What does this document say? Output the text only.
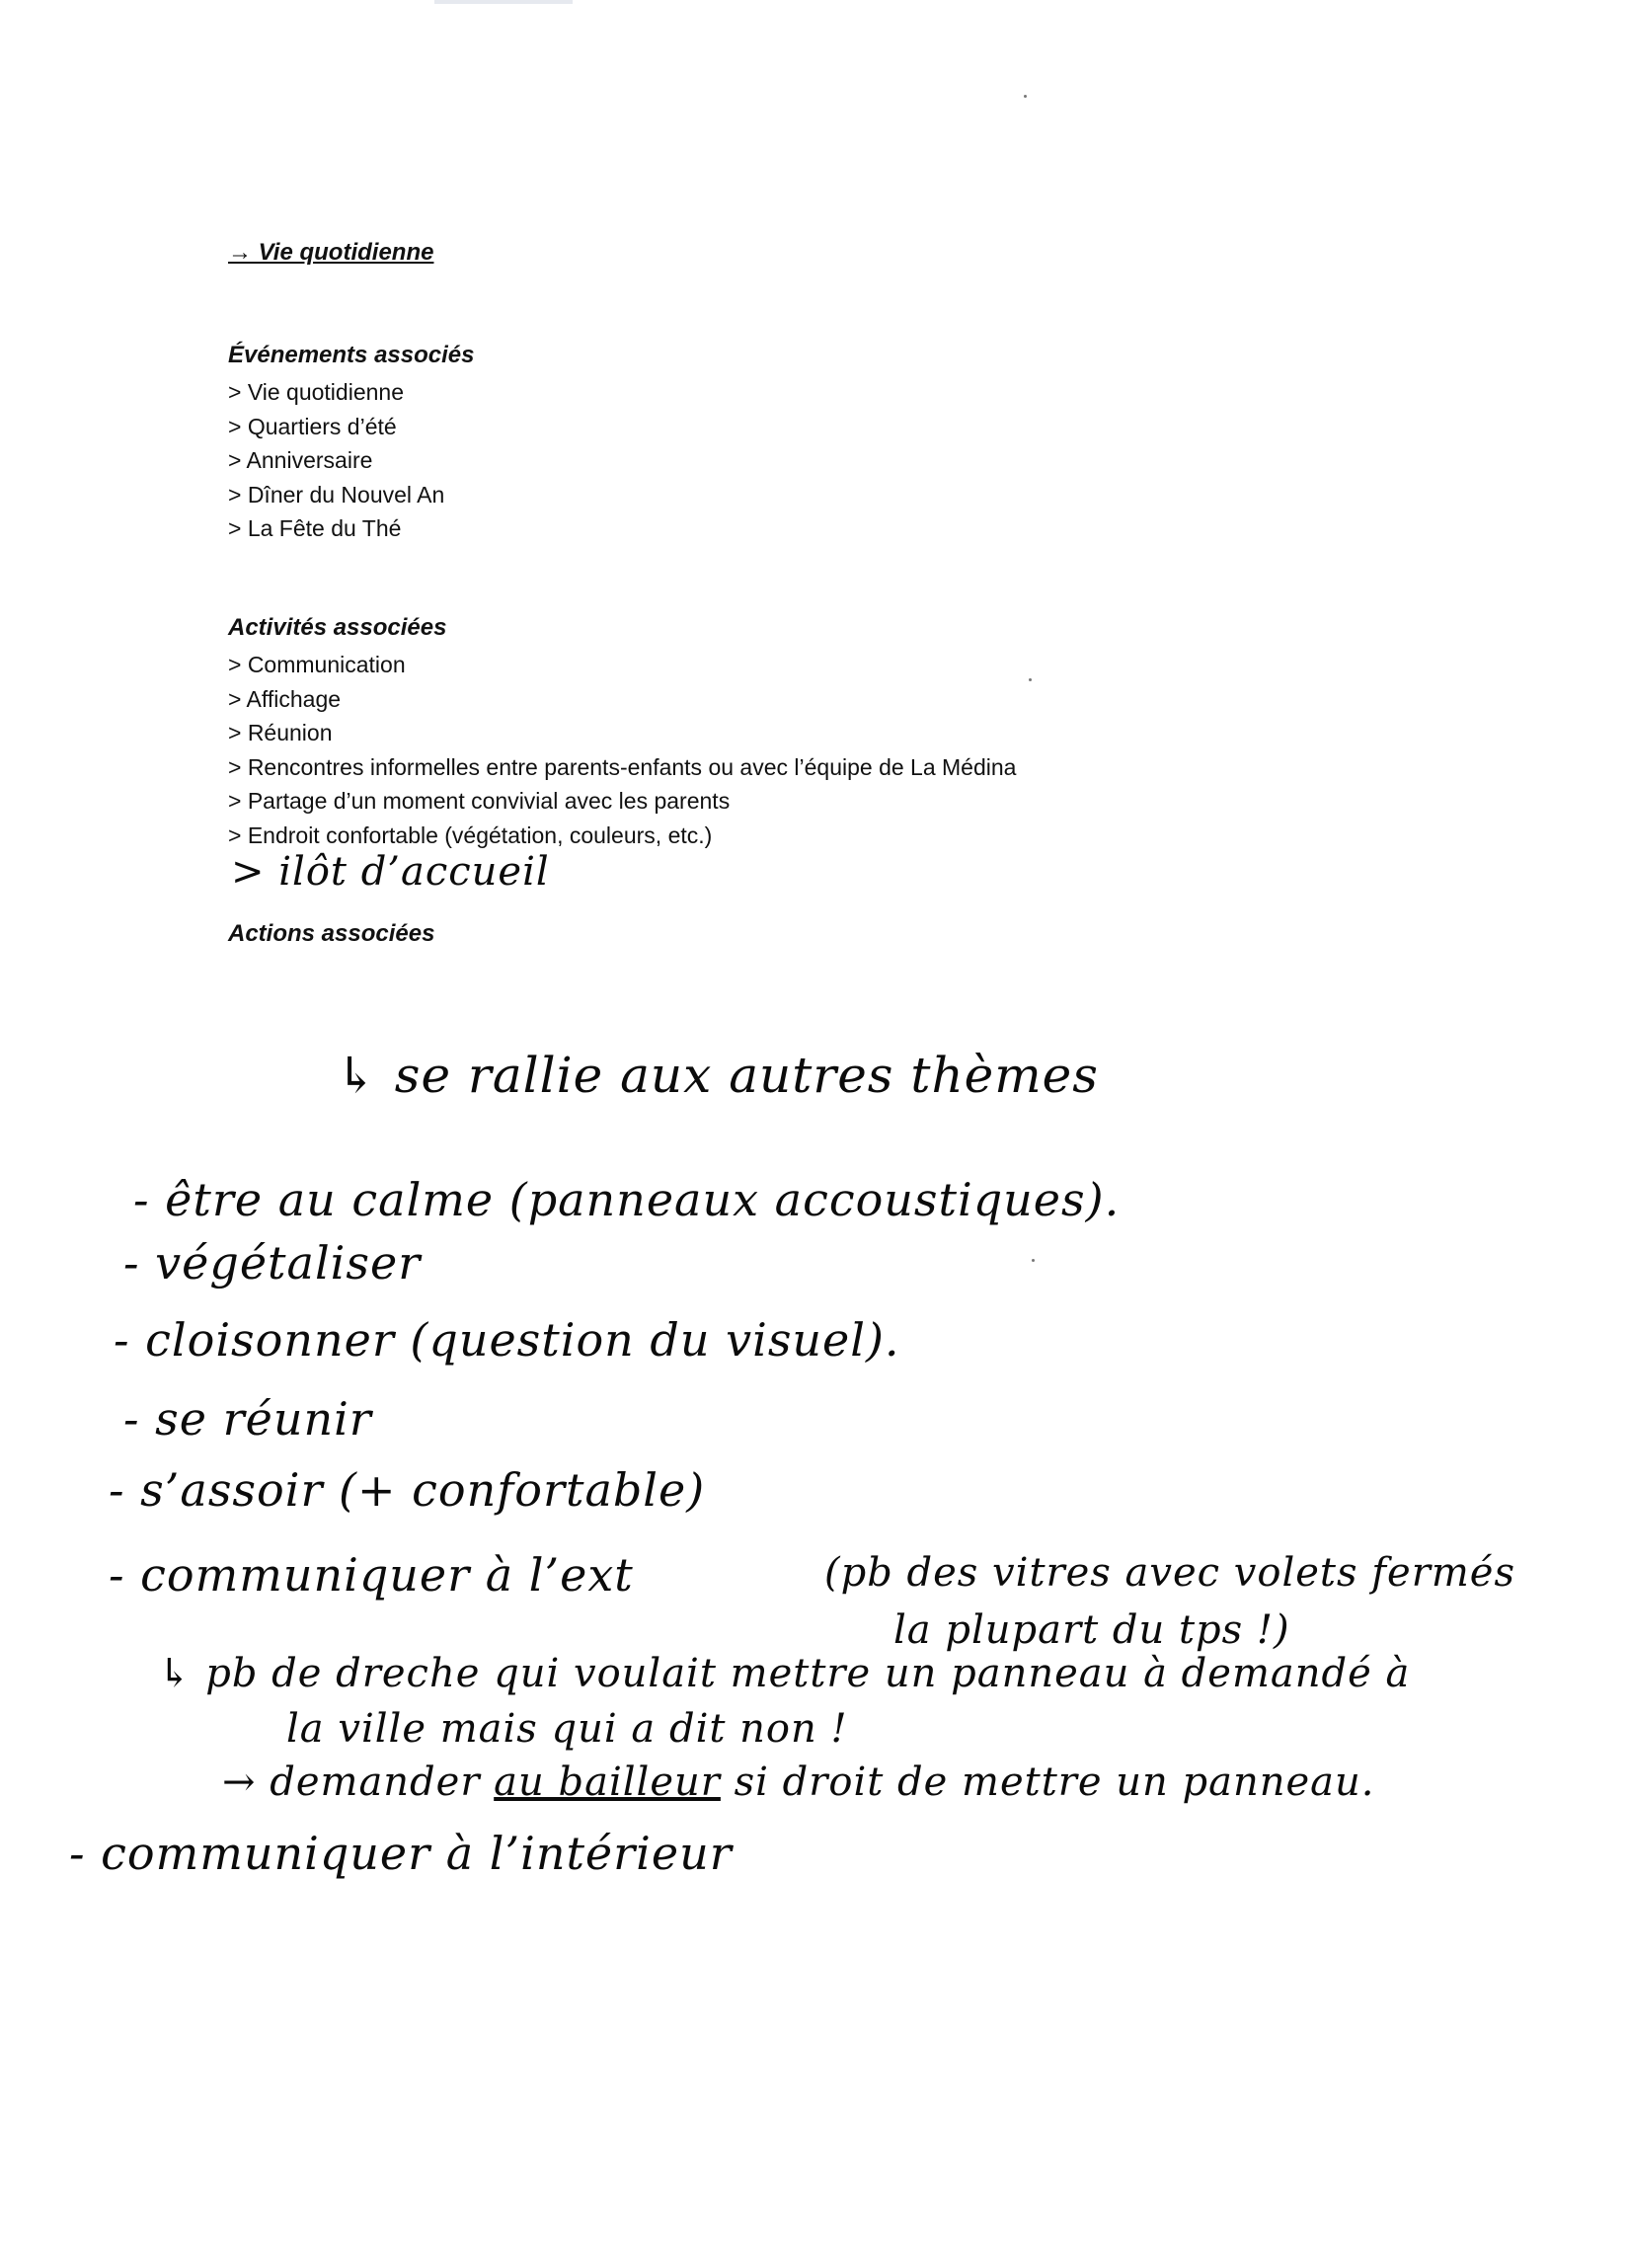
→ Vie quotidienne

Événements associés

> Vie quotidienne
> Quartiers d’été
> Anniversaire
> Dîner du Nouvel An
> La Fête du Thé

Activités associées

> Communication
> Affichage
> Réunion
> Rencontres informelles entre parents-enfants ou avec l’équipe de La Médina
> Partage d’un moment convivial avec les parents
> Endroit confortable (végétation, couleurs, etc.)
> ilôt d’accueil

Actions associées

↳ se rallie aux autres thèmes
- être au calme (panneaux accoustiques).
- végétaliser
- cloisonner (question du visuel).
- se réunir
- s’assoir (+ confortable)
- communiquer à l’ext	(pb des vitres avec volets fermés
la plupart du tps !)
↳ pb de dreche qui voulait mettre un panneau à demandé à
la ville mais qui a dit non !
→ demander au bailleur si droit de mettre un panneau.
- communiquer à l’intérieur
